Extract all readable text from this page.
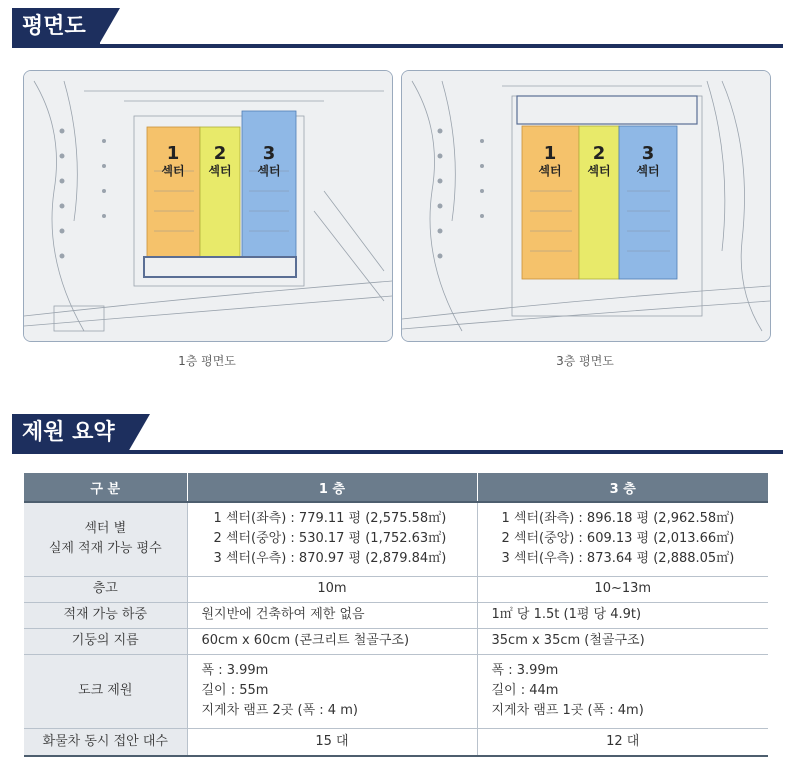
평면도
1
섹터
2
섹터
3
섹터
1층 평면도
1
섹터
2
섹터
3
섹터
3층 평면도
제원 요약
구 분	1 층	3 층

섹터 별
실제 적재 가능 평수	1 섹터(좌측) : 779.11 평 (2,575.58㎡)
2 섹터(중앙) : 530.17 평 (1,752.63㎡)
3 섹터(우측) : 870.97 평 (2,879.84㎡)	1 섹터(좌측) : 896.18 평 (2,962.58㎡)
2 섹터(중앙) : 609.13 평 (2,013.66㎡)
3 섹터(우측) : 873.64 평 (2,888.05㎡)

층고	10m	10~13m
적재 가능 하중	원지반에 건축하여 제한 없음	1㎡ 당 1.5t (1평 당 4.9t)
기둥의 지름	60cm x 60cm (콘크리트 철골구조)	35cm x 35cm (철골구조)
도크 제원	폭 : 3.99m
길이 : 55m
지게차 램프 2곳 (폭 : 4 m)	폭 : 3.99m
길이 : 44m
지게차 램프 1곳 (폭 : 4m)

화물차 동시 접안 대수	15 대	12 대
